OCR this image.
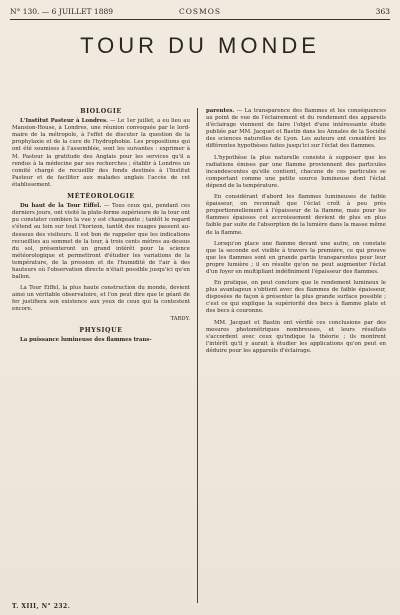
N° 130. — 6 JUILLET 1889	COSMOS	363
TOUR DU MONDE
BIOLOGIE

L'Institut Pasteur à Londres. — Le 1er juillet, a eu lieu au Mansion-House, à Londres, une réunion convoquée par le lord-maire de la métropole, à l'effet de discuter la question de la prophylaxie et de la cure de l'hydrophobie. Les propositions qui ont été soumises à l'assemblée, sont les suivantes : exprimer à M. Pasteur la gratitude des Anglais pour les services qu'il a rendus à la médecine par ses recherches ; établir à Londres un comité chargé de recueillir des fonds destinés à l'Institut Pasteur et de faciliter aux malades anglais l'accès de cet établissement.

MÉTÉOROLOGIE

Du haut de la Tour Eiffel. — Tous ceux qui, pendant ces derniers jours, ont visité la plate-forme supérieure de la tour ont pu constater combien la vue y est changeante ; tantôt le regard s'étend au loin sur tout l'horizon, tantôt des nuages passent au-dessous des visiteurs. Il est bon de rappeler que les indications recueillies au sommet de la tour, à trois cents mètres au-dessus du sol, présenteront un grand intérêt pour la science météorologique et permettront d'étudier les variations de la température, de la pression et de l'humidité de l'air à des hauteurs où l'observation directe n'était possible jusqu'ici qu'en ballon.

La Tour Eiffel, la plus haute construction du monde, devient ainsi un véritable observatoire, et l'on peut dire que le géant de fer justifiera son existence aux yeux de ceux qui la contestent encore.

TARDY.
PHYSIQUE

La puissance lumineuse des flammes trans-

parentes. — La transparence des flammes et les conséquences au point de vue de l'éclairement et du rendement des appareils d'éclairage viennent de faire l'objet d'une intéressante étude publiée par MM. Jacquet et Bastin dans les Annales de la Société des sciences naturelles de Lyon. Les auteurs ont considéré les différentes hypothèses faites jusqu'ici sur l'éclat des flammes.

L'hypothèse la plus naturelle consiste à supposer que les radiations émises par une flamme proviennent des particules incandescentes qu'elle contient, chacune de ces particules se comportant comme une petite source lumineuse dont l'éclat dépend de la température.

En considérant d'abord les flammes lumineuses de faible épaisseur, on reconnaît que l'éclat croît à peu près proportionnellement à l'épaisseur de la flamme, mais pour les flammes épaisses cet accroissement devient de plus en plus faible par suite de l'absorption de la lumière dans la masse même de la flamme.

Lorsqu'on place une flamme devant une autre, on constate que la seconde est visible à travers la première, ce qui prouve que les flammes sont en grande partie transparentes pour leur propre lumière ; il en résulte qu'on ne peut augmenter l'éclat d'un foyer en multipliant indéfiniment l'épaisseur des flammes.

En pratique, on peut conclure que le rendement lumineux le plus avantageux s'obtient avec des flammes de faible épaisseur, disposées de façon à présenter la plus grande surface possible ; c'est ce qui explique la supériorité des becs à flamme plate et des becs à couronne.

MM. Jacquet et Bastin ont vérifié ces conclusions par des mesures photométriques nombreuses, et leurs résultats s'accordent avec ceux qu'indique la théorie ; ils montrent l'intérêt qu'il y aurait à étudier les applications qu'on peut en déduire pour les appareils d'éclairage.

T. XIII, N° 232.
